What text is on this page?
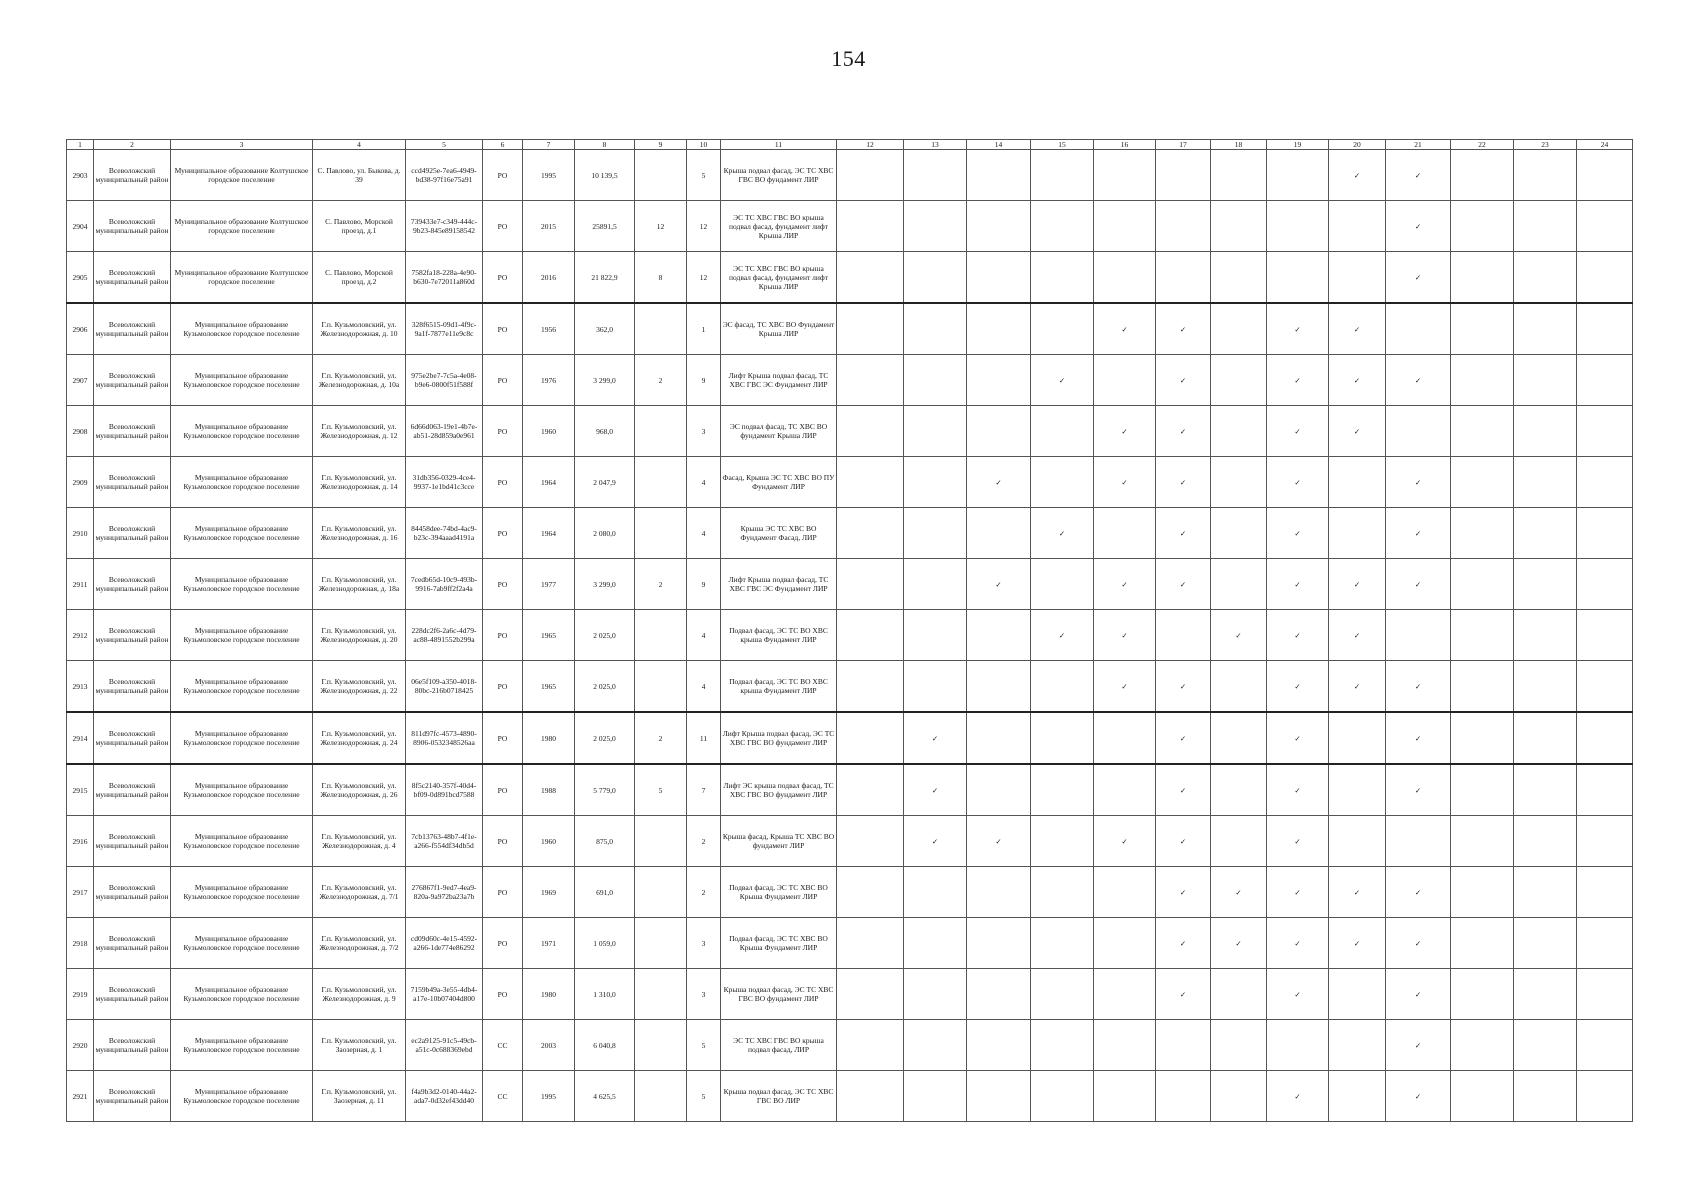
154
1	2	3	4	5	6	7	8	9	10	11	12	13	14	15	16	17	18	19	20	21	22	23	24
2903	Всеволожский муниципальный район	Муниципальное образование Колтушское городское поселение	С. Павлово, ул. Быкова, д. 39	ccd4925e-7ea6-4949-bd38-97f16e75a91	РО	1995	10 139,5		5	Крыша подвал фасад, ЭС ТС ХВС ГВС ВО фундамент ЛИР									✓	✓			
2904	Всеволожский муниципальный район	Муниципальное образование Колтушское городское поселение	С. Павлово, Морской проезд, д.1	739433e7-c349-444c-9b23-845e89158542	РО	2015	25891,5	12	12	ЭС ТС ХВС ГВС ВО крыша подвал фасад, фундамент лифт Крыша ЛИР										✓			
2905	Всеволожский муниципальный район	Муниципальное образование Колтушское городское поселение	С. Павлово, Морской проезд, д.2	7582fa18-228a-4e90-b630-7e72011a860d	РО	2016	21 822,9	8	12	ЭС ТС ХВС ГВС ВО крыша подвал фасад, фундамент лифт Крыша ЛИР										✓			
2906	Всеволожский муниципальный район	Муниципальное образование Кузьмоловское городское поселение	Г.п. Кузьмоловский, ул. Железнодорожная, д. 10	328f6515-09d1-4f9c-9a1f-7877e11e9c8c	РО	1956	362,0		1	ЭС фасад, ТС ХВС ВО Фундамент Крыша ЛИР					✓	✓		✓	✓				
2907	Всеволожский муниципальный район	Муниципальное образование Кузьмоловское городское поселение	Г.п. Кузьмоловский, ул. Железнодорожная, д. 10а	975e2be7-7c5a-4e08-b9e6-0800f51f588f	РО	1976	3 299,0	2	9	Лифт Крыша подвал фасад, ТС ХВС ГВС ЭС Фундамент ЛИР				✓		✓		✓	✓	✓			
2908	Всеволожский муниципальный район	Муниципальное образование Кузьмоловское городское поселение	Г.п. Кузьмоловский, ул. Железнодорожная, д. 12	6d66d063-19e1-4b7e-ab51-28d859a0e961	РО	1960	968,0		3	ЭС подвал фасад, ТС ХВС ВО фундамент Крыша ЛИР					✓	✓		✓	✓				
2909	Всеволожский муниципальный район	Муниципальное образование Кузьмоловское городское поселение	Г.п. Кузьмоловский, ул. Железнодорожная, д. 14	31db356-0329-4ce4-9937-1e1bd41c3cce	РО	1964	2 047,9		4	Фасад, Крыша ЭС ТС ХВС ВО ПУ Фундамент ЛИР			✓		✓	✓		✓		✓			
2910	Всеволожский муниципальный район	Муниципальное образование Кузьмоловское городское поселение	Г.п. Кузьмоловский, ул. Железнодорожная, д. 16	84458dee-74bd-4ac9-b23c-394aaad4191a	РО	1964	2 080,0		4	Крыша ЭС ТС ХВС ВО Фундамент Фасад, ЛИР				✓		✓		✓		✓			
2911	Всеволожский муниципальный район	Муниципальное образование Кузьмоловское городское поселение	Г.п. Кузьмоловский, ул. Железнодорожная, д. 18а	7cedb65d-10c9-493b-9916-7ab9ff2f2a4a	РО	1977	3 299,0	2	9	Лифт Крыша подвал фасад, ТС ХВС ГВС ЭС Фундамент ЛИР			✓		✓	✓		✓	✓	✓			
2912	Всеволожский муниципальный район	Муниципальное образование Кузьмоловское городское поселение	Г.п. Кузьмоловский, ул. Железнодорожная, д. 20	228dc2f6-2a6c-4d79-ac88-4891552b299a	РО	1965	2 025,0		4	Подвал фасад, ЭС ТС ВО ХВС крыша Фундамент ЛИР				✓	✓		✓	✓	✓				
2913	Всеволожский муниципальный район	Муниципальное образование Кузьмоловское городское поселение	Г.п. Кузьмоловский, ул. Железнодорожная, д. 22	06e5f109-a350-4018-80bc-216b0718425	РО	1965	2 025,0		4	Подвал фасад, ЭС ТС ВО ХВС крыша Фундамент ЛИР					✓	✓		✓	✓	✓			
2914	Всеволожский муниципальный район	Муниципальное образование Кузьмоловское городское поселение	Г.п. Кузьмоловский, ул. Железнодорожная, д. 24	811d97fc-4573-4890-8906-0532348526aa	РО	1980	2 025,0	2	11	Лифт Крыша подвал фасад, ЭС ТС ХВС ГВС ВО фундамент ЛИР		✓				✓		✓		✓			
2915	Всеволожский муниципальный район	Муниципальное образование Кузьмоловское городское поселение	Г.п. Кузьмоловский, ул. Железнодорожная, д. 26	8f5c2140-357f-40d4-bf09-0d891bcd7588	РО	1988	5 779,0	5	7	Лифт ЭС крыша подвал фасад, ТС ХВС ГВС ВО фундамент ЛИР		✓				✓		✓		✓			
2916	Всеволожский муниципальный район	Муниципальное образование Кузьмоловское городское поселение	Г.п. Кузьмоловский, ул. Железнодорожная, д. 4	7cb13763-48b7-4f1e-a266-f554df34db5d	РО	1960	875,0		2	Крыша фасад, Крыша ТС ХВС ВО фундамент ЛИР		✓	✓		✓	✓		✓					
2917	Всеволожский муниципальный район	Муниципальное образование Кузьмоловское городское поселение	Г.п. Кузьмоловский, ул. Железнодорожная, д. 7/1	276867f1-9ed7-4ea9-820a-9a972ba23a7b	РО	1969	691,0		2	Подвал фасад, ЭС ТС ХВС ВО Крыша Фундамент ЛИР						✓	✓	✓	✓	✓			
2918	Всеволожский муниципальный район	Муниципальное образование Кузьмоловское городское поселение	Г.п. Кузьмоловский, ул. Железнодорожная, д. 7/2	cd09d60c-4e15-4592-a266-1de774e86292	РО	1971	1 059,0		3	Подвал фасад, ЭС ТС ХВС ВО Крыша Фундамент ЛИР						✓	✓	✓	✓	✓			
2919	Всеволожский муниципальный район	Муниципальное образование Кузьмоловское городское поселение	Г.п. Кузьмоловский, ул. Железнодорожная, д. 9	7159b49a-3e55-4db4-a17e-10b07404d800	РО	1980	1 310,0		3	Крыша подвал фасад, ЭС ТС ХВС ГВС ВО фундамент ЛИР						✓		✓		✓			
2920	Всеволожский муниципальный район	Муниципальное образование Кузьмоловское городское поселение	Г.п. Кузьмоловский, ул. Заозерная, д. 1	ec2a9125-91c5-49cb-a51c-0c688369ebd	СС	2003	6 040,8		5	ЭС ТС ХВС ГВС ВО крыша подвал фасад, ЛИР										✓			
2921	Всеволожский муниципальный район	Муниципальное образование Кузьмоловское городское поселение	Г.п. Кузьмоловский, ул. Заозерная, д. 11	f4a9b3d2-0140-44a2-ada7-0d32ef43dd40	СС	1995	4 625,5		5	Крыша подвал фасад, ЭС ТС ХВС ГВС ВО ЛИР								✓		✓			
